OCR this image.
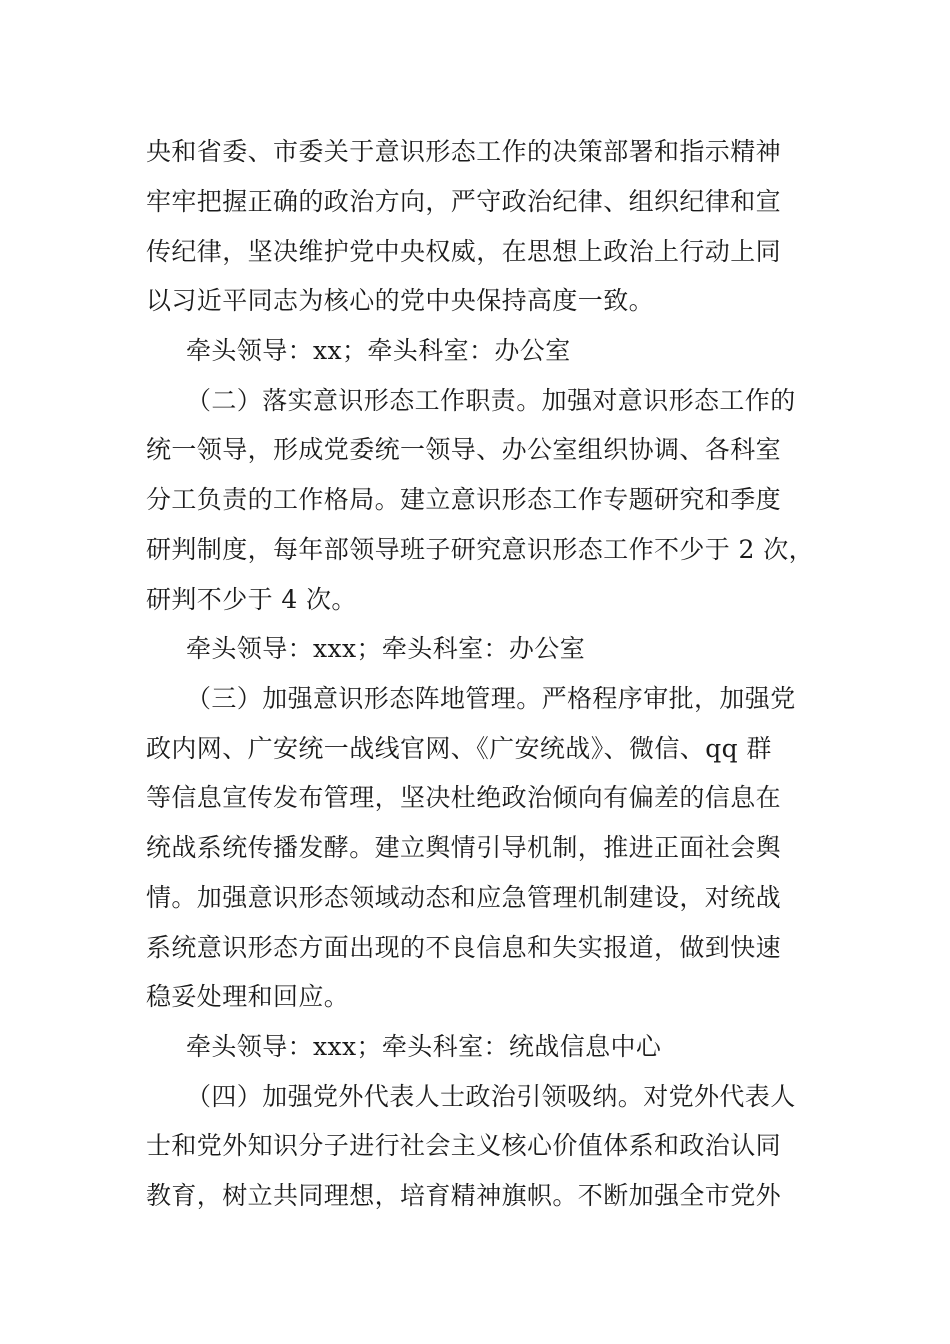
央和省委、市委关于意识形态工作的决策部署和指示精神
牢牢把握正确的政治方向，严守政治纪律、组织纪律和宣
传纪律，坚决维护党中央权威，在思想上政治上行动上同
以习近平同志为核心的党中央保持高度一致。
牵头领导：xx；牵头科室：办公室
（二）落实意识形态工作职责。加强对意识形态工作的
统一领导，形成党委统一领导、办公室组织协调、各科室
分工负责的工作格局。建立意识形态工作专题研究和季度
研判制度，每年部领导班子研究意识形态工作不少于 2 次，
研判不少于 4 次。
牵头领导：xxx；牵头科室：办公室
（三）加强意识形态阵地管理。严格程序审批，加强党
政内网、广安统一战线官网、《广安统战》、微信、qq 群
等信息宣传发布管理，坚决杜绝政治倾向有偏差的信息在
统战系统传播发酵。建立舆情引导机制，推进正面社会舆
情。加强意识形态领域动态和应急管理机制建设，对统战
系统意识形态方面出现的不良信息和失实报道，做到快速
稳妥处理和回应。
牵头领导：xxx；牵头科室：统战信息中心
（四）加强党外代表人士政治引领吸纳。对党外代表人
士和党外知识分子进行社会主义核心价值体系和政治认同
教育，树立共同理想，培育精神旗帜。不断加强全市党外
